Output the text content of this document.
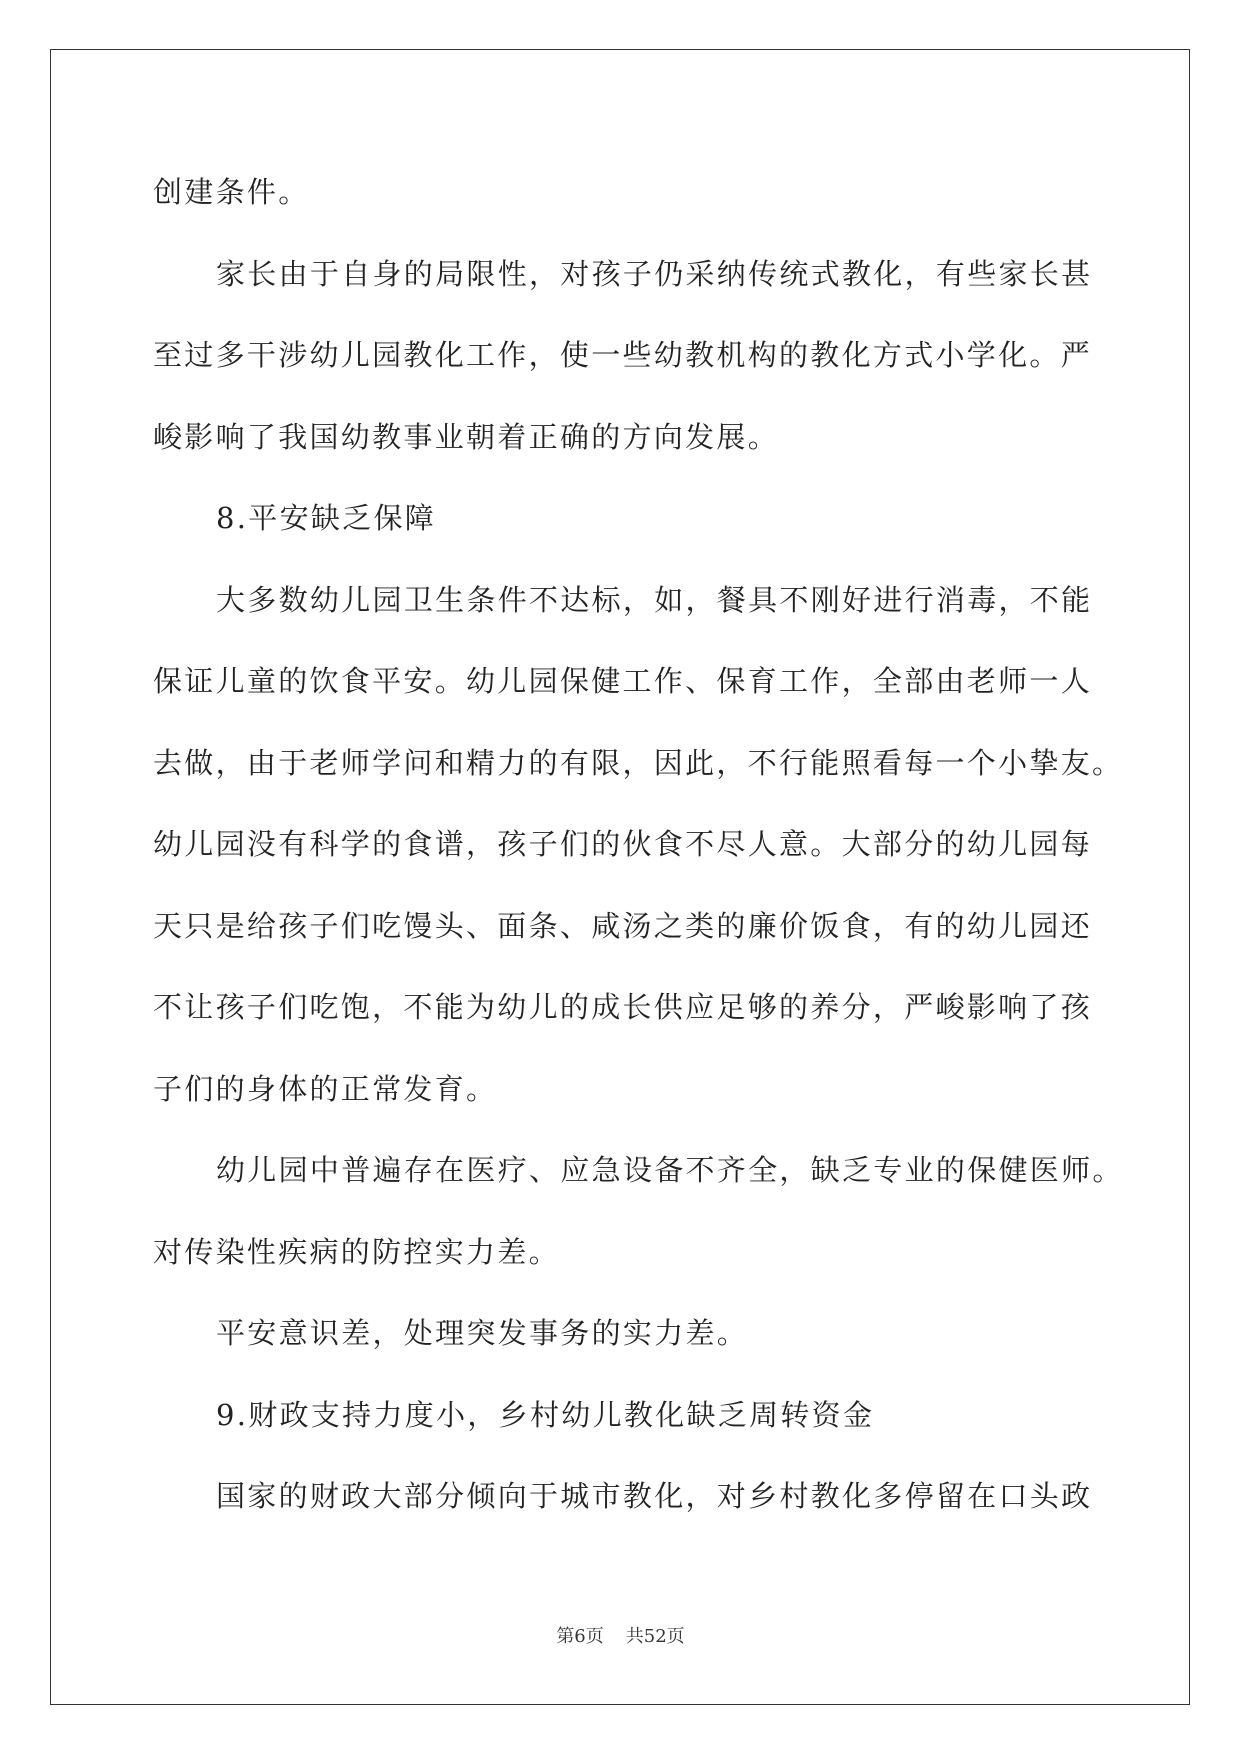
创建条件。
家长由于自身的局限性，对孩子仍采纳传统式教化，有些家长甚
至过多干涉幼儿园教化工作，使一些幼教机构的教化方式小学化。严
峻影响了我国幼教事业朝着正确的方向发展。
8.平安缺乏保障
大多数幼儿园卫生条件不达标，如，餐具不刚好进行消毒，不能
保证儿童的饮食平安。幼儿园保健工作、保育工作，全部由老师一人
去做，由于老师学问和精力的有限，因此，不行能照看每一个小挚友。
幼儿园没有科学的食谱，孩子们的伙食不尽人意。大部分的幼儿园每
天只是给孩子们吃馒头、面条、咸汤之类的廉价饭食，有的幼儿园还
不让孩子们吃饱，不能为幼儿的成长供应足够的养分，严峻影响了孩
子们的身体的正常发育。
幼儿园中普遍存在医疗、应急设备不齐全，缺乏专业的保健医师。
对传染性疾病的防控实力差。
平安意识差，处理突发事务的实力差。
9.财政支持力度小，乡村幼儿教化缺乏周转资金
国家的财政大部分倾向于城市教化，对乡村教化多停留在口头政
第6页 共52页
